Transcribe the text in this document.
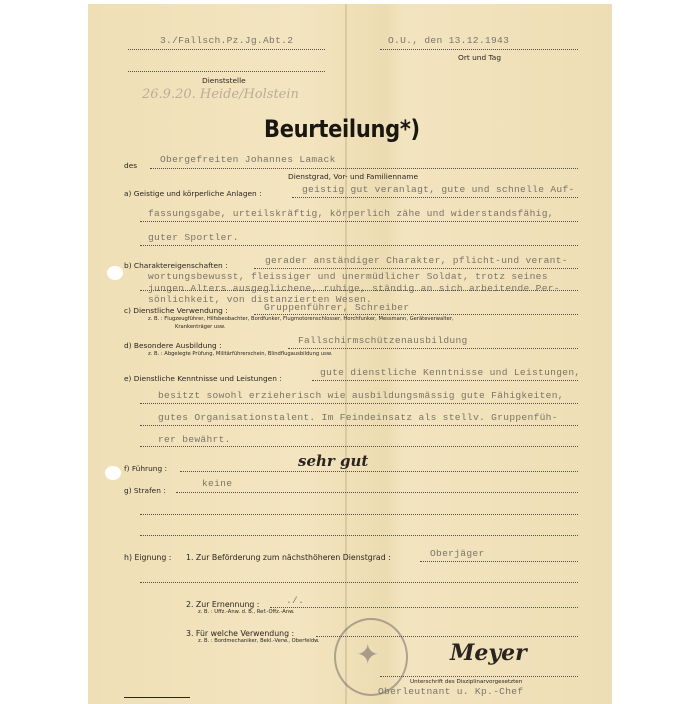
3./Fallsch.Pz.Jg.Abt.2	O.U., den 13.12.1943
Ort und Tag
Dienststelle
26.9.20. Heide/Holstein
Beurteilung*)
des
Obergefreiten Johannes Lamack
Dienstgrad, Vor- und Familienname
a) Geistige und körperliche Anlagen :	geistig gut veranlagt, gute und schnelle Auf-
fassungsgabe, urteilskräftig, körperlich zähe und widerstandsfähig,
guter Sportler.
b) Charaktereigenschaften :	gerader anständiger Charakter, pflicht-und verant-
wortungsbewusst, fleissiger und unermüdlicher Soldat, trotz seines
jungen Alters ausgeglichene, ruhige, ständig an sich arbeitende Per-
sönlichkeit, von distanzierten Wesen.
c) Dienstliche Verwendung :	Gruppenführer, Schreiber
z. B. : Flugzeugführer, Hilfsbeobachter, Bordfunker, Flugmotorenschlosser, Horchfunker, Messmann, Geräteverwalter,
Krankenträger usw.
d) Besondere Ausbildung :	Fallschirmschützenausbildung
z. B. : Abgelegte Prüfung, Militärführerschein, Blindflugausbildung usw.
e) Dienstliche Kenntnisse und Leistungen :
gute dienstliche Kenntnisse und Leistungen,
besitzt sowohl erzieherisch wie ausbildungsmässig gute Fähigkeiten,
gutes Organisationstalent. Im Feindeinsatz als stellv. Gruppenfüh-
rer bewährt.
f) Führung :	sehr gut
g) Strafen :
keine
h) Eignung : 1. Zur Beförderung zum nächsthöheren Dienstgrad :	Oberjäger
2. Zur Ernennung :	./.
z. B. : Uffz.-Anw. d. B., Ref.-Offz.-Anw.
3. Für welche Verwendung :
z. B. : Bordmechaniker, Bekl.-Verw., Oberfeldw. ✦	Meyer
Unterschrift des Disziplinarvorgesetzten
Oberleutnant u. Kp.-Chef
